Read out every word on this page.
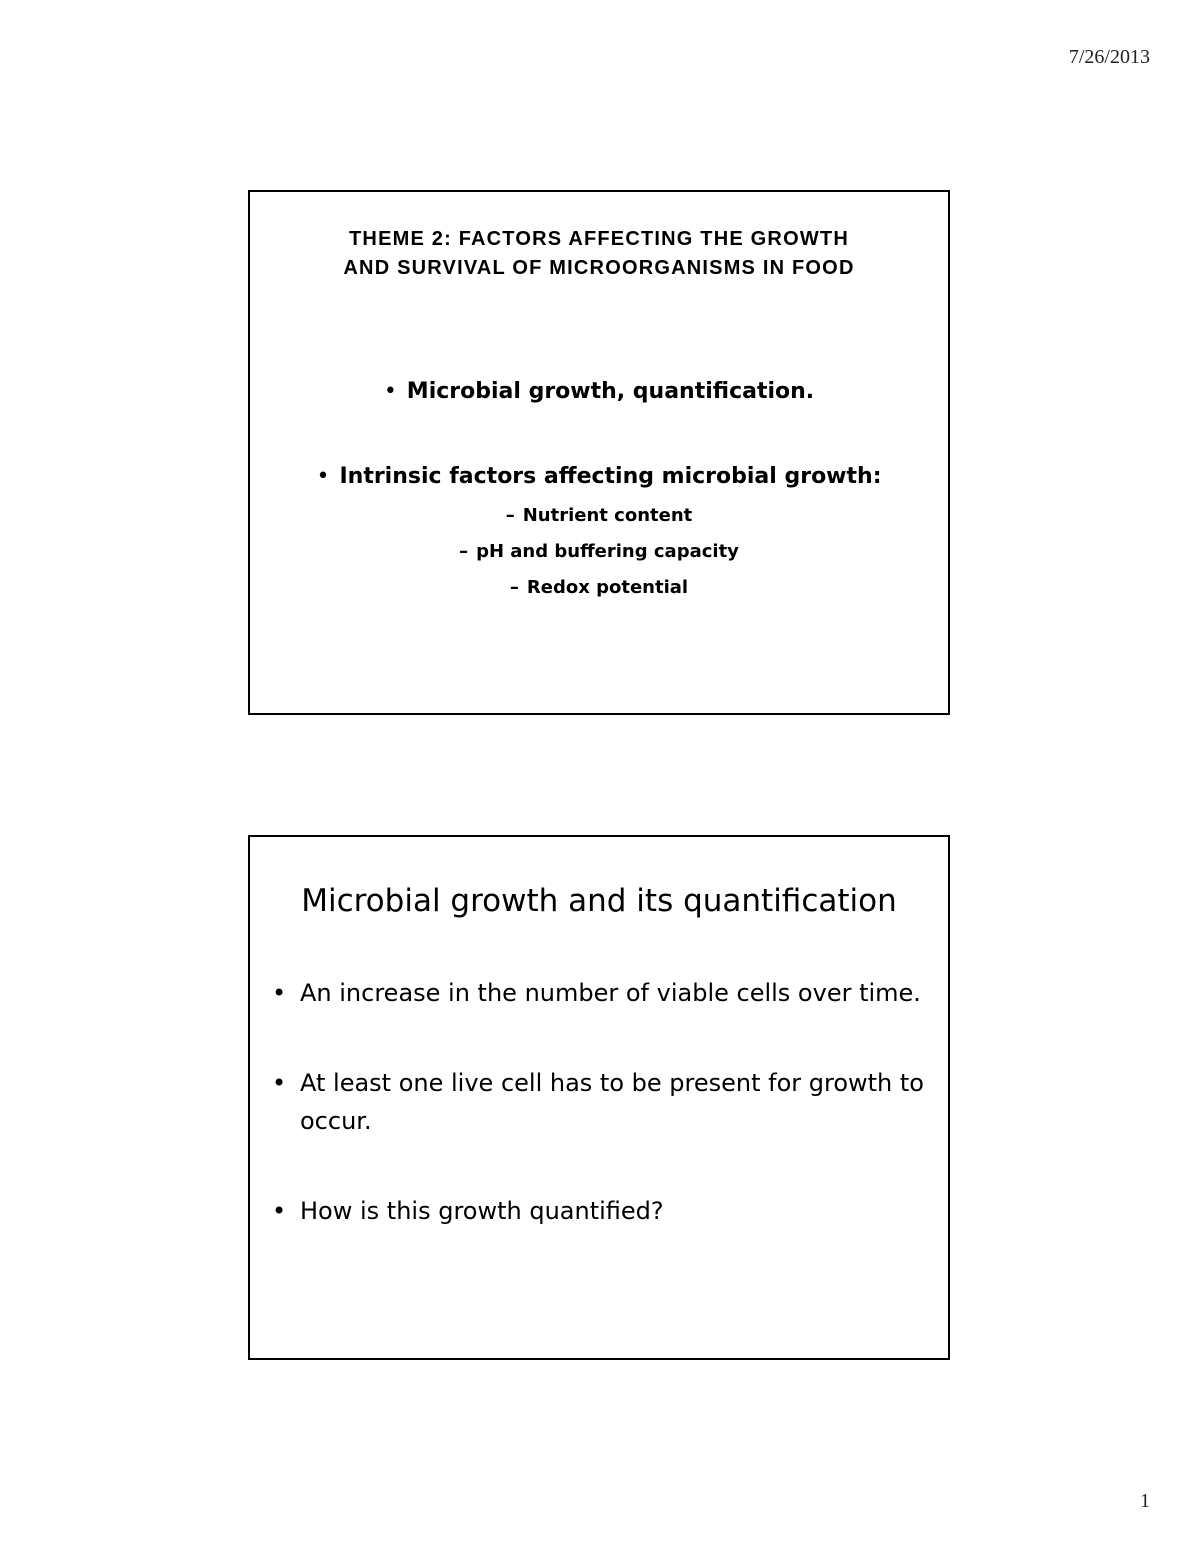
7/26/2013
THEME 2: FACTORS AFFECTING THE GROWTH
AND SURVIVAL OF MICROORGANISMS IN FOOD
• Microbial growth, quantification.
• Intrinsic factors affecting microbial growth:
– Nutrient content
– pH and buffering capacity
– Redox potential
Microbial growth and its quantification
• An increase in the number of viable cells over time.
• At least one live cell has to be present for growth to occur.
• How is this growth quantified?
1
